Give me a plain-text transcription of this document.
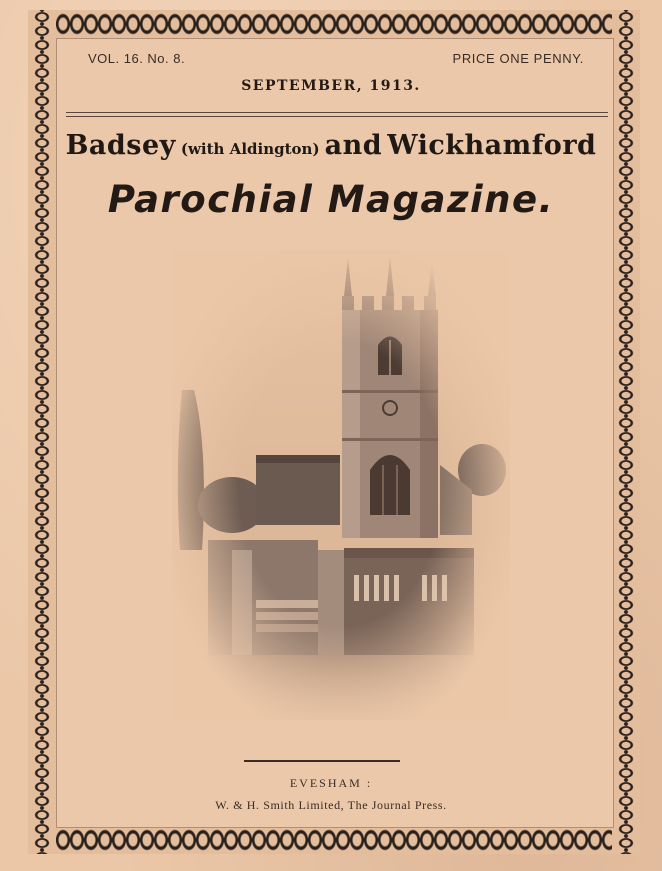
VOL. 16. No. 8.	PRICE ONE PENNY.
SEPTEMBER, 1913.
Badsey (with Aldington) and Wickhamford
Parochial Magazine.
EVESHAM :
W. & H. Smith Limited, The Journal Press.
